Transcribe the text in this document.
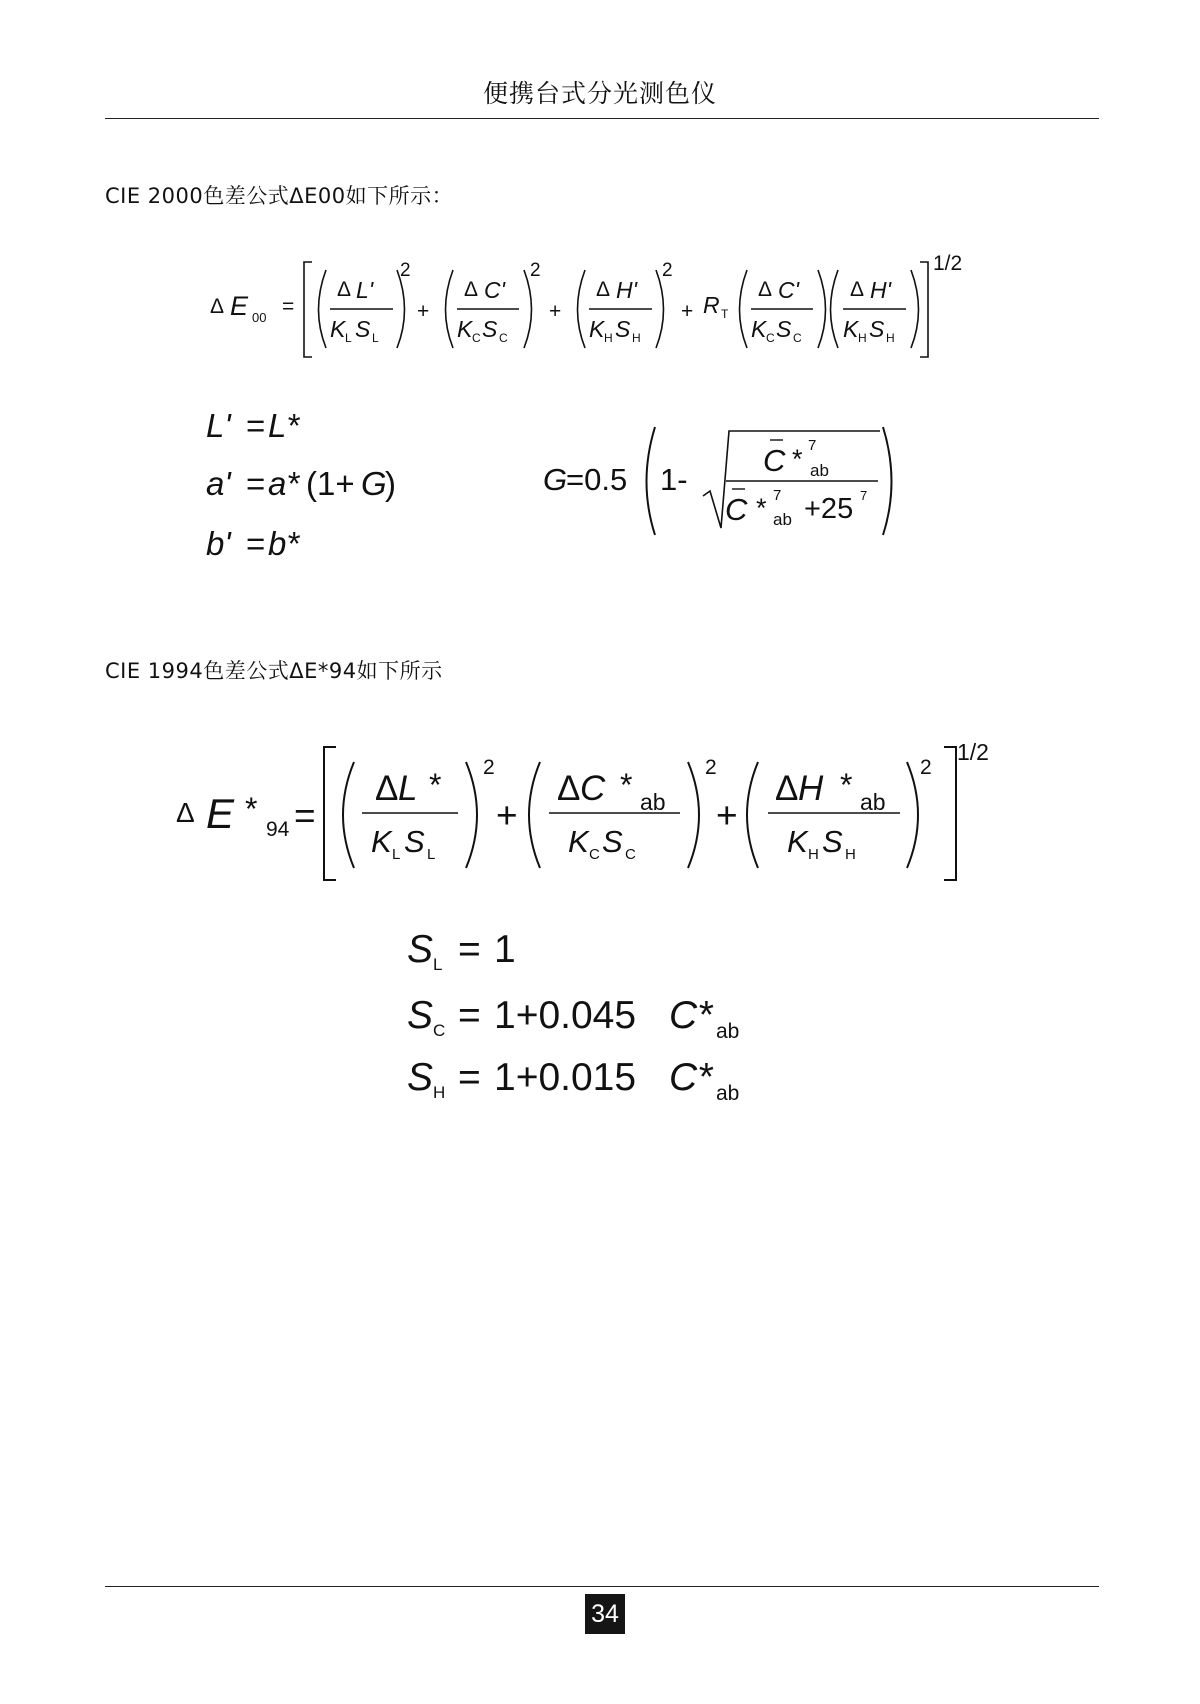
便携台式分光测色仪
CIE 2000色差公式ΔE00如下所示：
Δ E 00 =
Δ L'
K L S L
2
+
Δ C'
K C S C
2
+
Δ H'
K H S H
2
+ R T
Δ C'
K C S C
Δ H'
K H S H
1/2
L' = L*
a' = a* (1+ G
)
b' = b*
G
=0.5 1-
C * 7
ab
C * 7
ab +25 7
CIE 1994色差公式ΔE*94如下所示
Δ E *
94 =
Δ L *
K L S L
2
+
Δ C * ab
K C S C
2
+
Δ H * ab
K H S H
2
1/2
S L = 1
S C = 1+0.045 C* ab
S H = 1+0.015 C* ab
34
